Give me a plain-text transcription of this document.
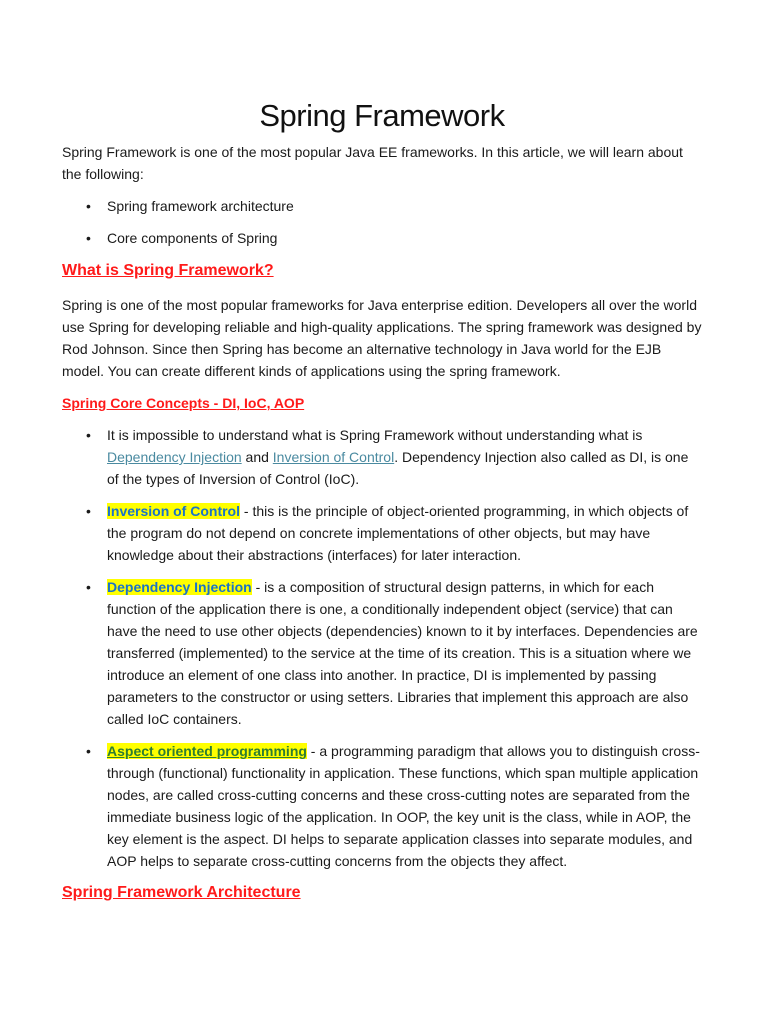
Spring Framework

Spring Framework is one of the most popular Java EE frameworks. In this article, we will learn about the following:

• Spring framework architecture
• Core components of Spring
What is Spring Framework?

Spring is one of the most popular frameworks for Java enterprise edition. Developers all over the world use Spring for developing reliable and high-quality applications. The spring framework was designed by Rod Johnson. Since then Spring has become an alternative technology in Java world for the EJB model. You can create different kinds of applications using the spring framework.

Spring Core Concepts - DI, IoC, AOP
• It is impossible to understand what is Spring Framework without understanding what is Dependency Injection and Inversion of Control. Dependency Injection also called as DI, is one of the types of Inversion of Control (IoC).
• Inversion of Control - this is the principle of object-oriented programming, in which objects of the program do not depend on concrete implementations of other objects, but may have knowledge about their abstractions (interfaces) for later interaction.
• Dependency Injection - is a composition of structural design patterns, in which for each function of the application there is one, a conditionally independent object (service) that can have the need to use other objects (dependencies) known to it by interfaces. Dependencies are transferred (implemented) to the service at the time of its creation. This is a situation where we introduce an element of one class into another. In practice, DI is implemented by passing parameters to the constructor or using setters. Libraries that implement this approach are also called IoC containers.
• Aspect oriented programming - a programming paradigm that allows you to distinguish cross-through (functional) functionality in application. These functions, which span multiple application nodes, are called cross-cutting concerns and these cross-cutting notes are separated from the immediate business logic of the application. In OOP, the key unit is the class, while in AOP, the key element is the aspect. DI helps to separate application classes into separate modules, and AOP helps to separate cross-cutting concerns from the objects they affect.
Spring Framework Architecture
